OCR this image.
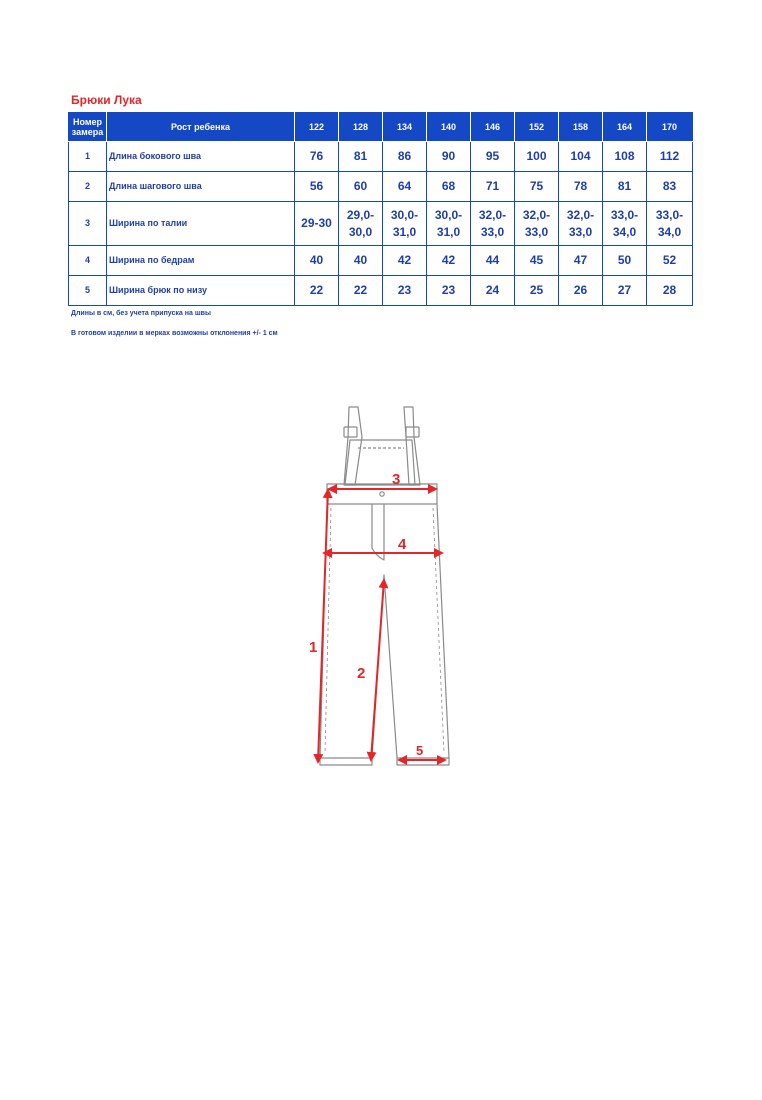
Брюки Лука
Номер замера	Рост ребенка	122	128	134	140	146	152	158	164	170
1	Длина бокового шва	76	81	86	90	95	100	104	108	112
2	Длина шагового шва	56	60	64	68	71	75	78	81	83
3	Ширина по талии	29-30	29,0-30,0	30,0-31,0	30,0-31,0	32,0-33,0	32,0-33,0	32,0-33,0	33,0-34,0	33,0-34,0
4	Ширина по бедрам	40	40	42	42	44	45	47	50	52
5	Ширина брюк по низу	22	22	23	23	24	25	26	27	28
Длины в см, без учета припуска на швы
В готовом изделии в мерках возможны отклонения +/- 1 см
1
2
3
4
5
